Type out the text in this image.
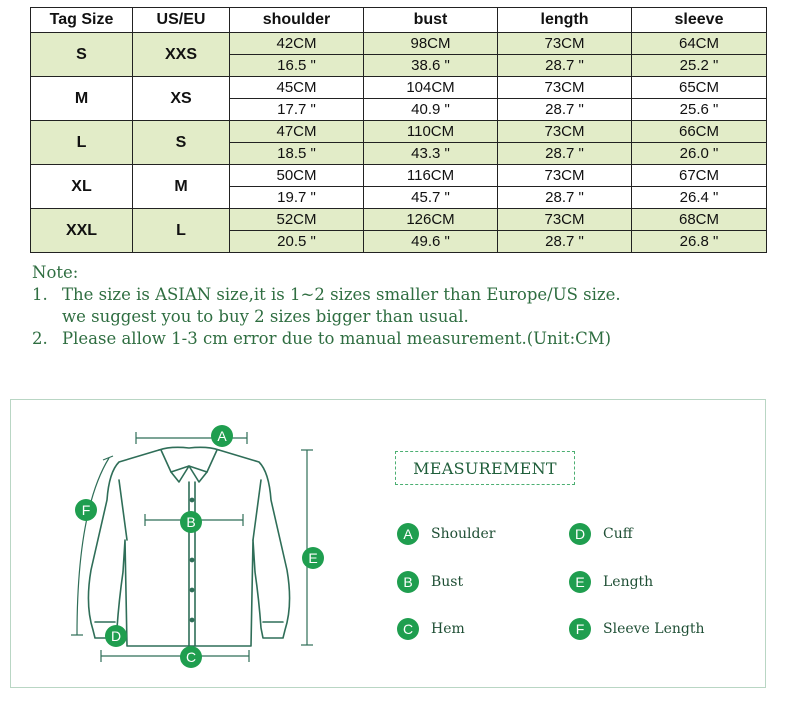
Tag Size	US/EU	shoulder	bust	length	sleeve
S	XXS	42CM	98CM	73CM	64CM
		16.5 "	38.6 "	28.7 "	25.2 "
M	XS	45CM	104CM	73CM	65CM
		17.7 "	40.9 "	28.7 "	25.6 "
L	S	47CM	110CM	73CM	66CM
		18.5 "	43.3 "	28.7 "	26.0 "
XL	M	50CM	116CM	73CM	67CM
		19.7 "	45.7 "	28.7 "	26.4 "
XXL	L	52CM	126CM	73CM	68CM
		20.5 "	49.6 "	28.7 "	26.8 "

Note:

1. The size is ASIAN size,it is 1~2 sizes smaller than Europe/US size.

we suggest you to buy 2 sizes bigger than usual.

2. Please allow 1-3 cm error due to manual measurement.(Unit:CM)

A
B
C
D
E
F
MEASUREMENT
A	Shoulder
B	Bust
C	Hem
D	Cuff
E	Length
F	Sleeve Length
